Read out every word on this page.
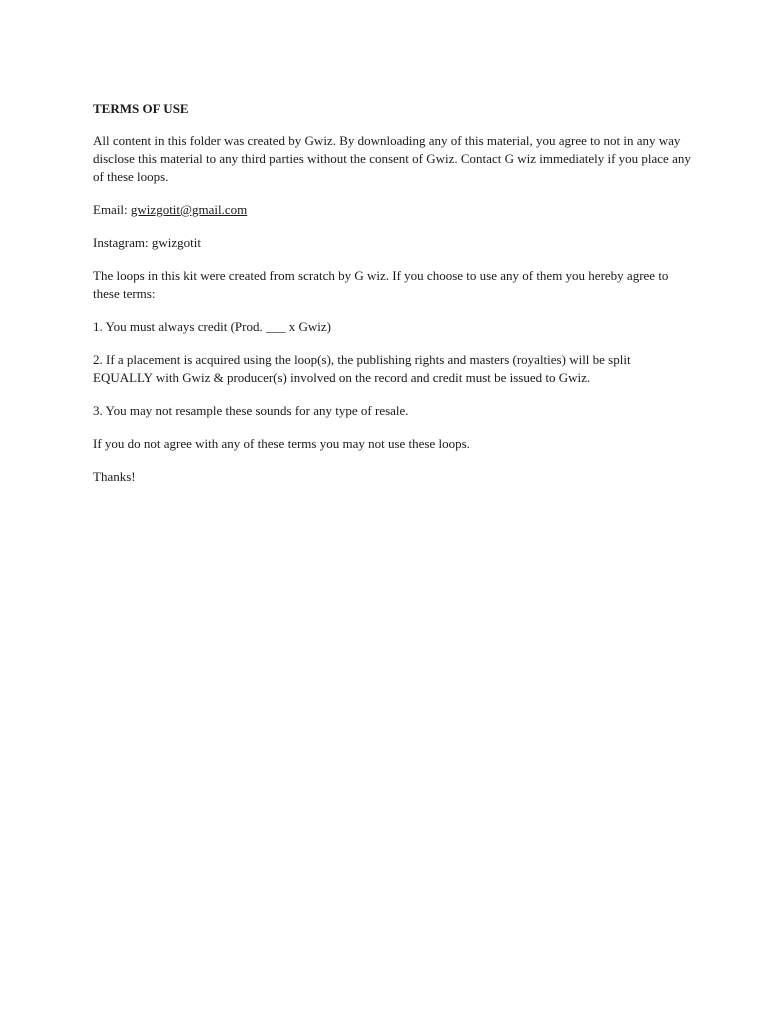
TERMS OF USE
All content in this folder was created by Gwiz. By downloading any of this material, you agree to not in any way disclose this material to any third parties without the consent of Gwiz. Contact G wiz immediately if you place any of these loops.
Email: gwizgotit@gmail.com
Instagram: gwizgotit
The loops in this kit were created from scratch by G wiz. If you choose to use any of them you hereby agree to these terms:
1. You must always credit (Prod. ___ x Gwiz)
2. If a placement is acquired using the loop(s), the publishing rights and masters (royalties) will be split EQUALLY with Gwiz & producer(s) involved on the record and credit must be issued to Gwiz.
3. You may not resample these sounds for any type of resale.
If you do not agree with any of these terms you may not use these loops.
Thanks!
